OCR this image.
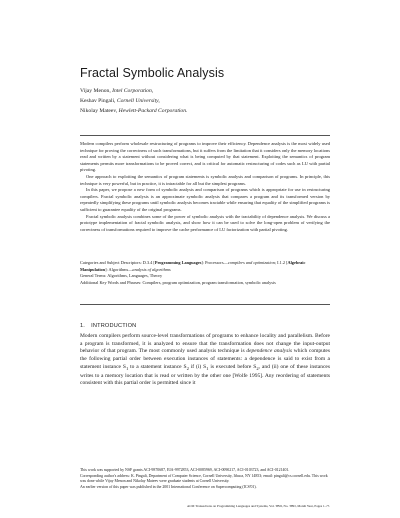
Fractal Symbolic Analysis
Vijay Menon, Intel Corporation,
Keshav Pingali, Cornell University,
Nikolay Mateev, Hewlett-Packard Corporation.

Modern compilers perform wholesale restructuring of programs to improve their efficiency. Dependence analysis is the most widely used technique for proving the correctness of such transformations, but it suffers from the limitation that it considers only the memory locations read and written by a statement without considering what is being computed by that statement. Exploiting the semantics of program statements permits more transformations to be proved correct, and is critical for automatic restructuring of codes such as LU with partial pivoting.

One approach to exploiting the semantics of program statements is symbolic analysis and comparison of programs. In principle, this technique is very powerful, but in practice, it is intractable for all but the simplest programs.

In this paper, we propose a new form of symbolic analysis and comparison of programs which is appropriate for use in restructuring compilers. Fractal symbolic analysis is an approximate symbolic analysis that compares a program and its transformed version by repeatedly simplifying these programs until symbolic analysis becomes tractable while ensuring that equality of the simplified programs is sufficient to guarantee equality of the original programs.

Fractal symbolic analysis combines some of the power of symbolic analysis with the tractability of dependence analysis. We discuss a prototype implementation of fractal symbolic analysis, and show how it can be used to solve the long-open problem of verifying the correctness of transformations required to improve the cache performance of LU factorization with partial pivoting.

Categories and Subject Descriptors: D.3.4 [Programming Languages]: Processors—compilers and optimization; I.1.2 [Algebraic Manipulation]: Algorithms—analysis of algorithms
General Terms: Algorithms, Languages, Theory
Additional Key Words and Phrases: Compilers, program optimization, program transformation, symbolic analysis
1. INTRODUCTION

Modern compilers perform source-level transformations of programs to enhance locality and parallelism. Before a program is transformed, it is analyzed to ensure that the transformation does not change the input-output behavior of that program. The most commonly used analysis technique is dependence analysis which computes the following partial order between execution instances of statements: a dependence is said to exist from a statement instance $S_1$ to a statement instance $S_2$ if (i) $S_1$ is executed before $S_2$, and (ii) one of these instances writes to a memory location that is read or written by the other one [Wolfe 1995]. Any reordering of statements consistent with this partial order is permitted since it

This work was supported by NSF grants ACI-9870687, EIA-9972853, ACI-0085969, ACI-0090217, ACI-0103723, and ACI-0121401.
Corresponding author's address: K. Pingali, Department of Computer Science, Cornell University, Ithaca, NY 14853; email: pingali@cs.cornell.edu. This work was done while Vijay Menon and Nikolay Mateev were graduate students at Cornell University.
An earlier version of this paper was published in the 2001 International Conference on Supercomputing (ICS'01).
ACM Transactions on Programming Languages and Systems, Vol. TBD, No. TBD, Month Year, Pages 1–??.
